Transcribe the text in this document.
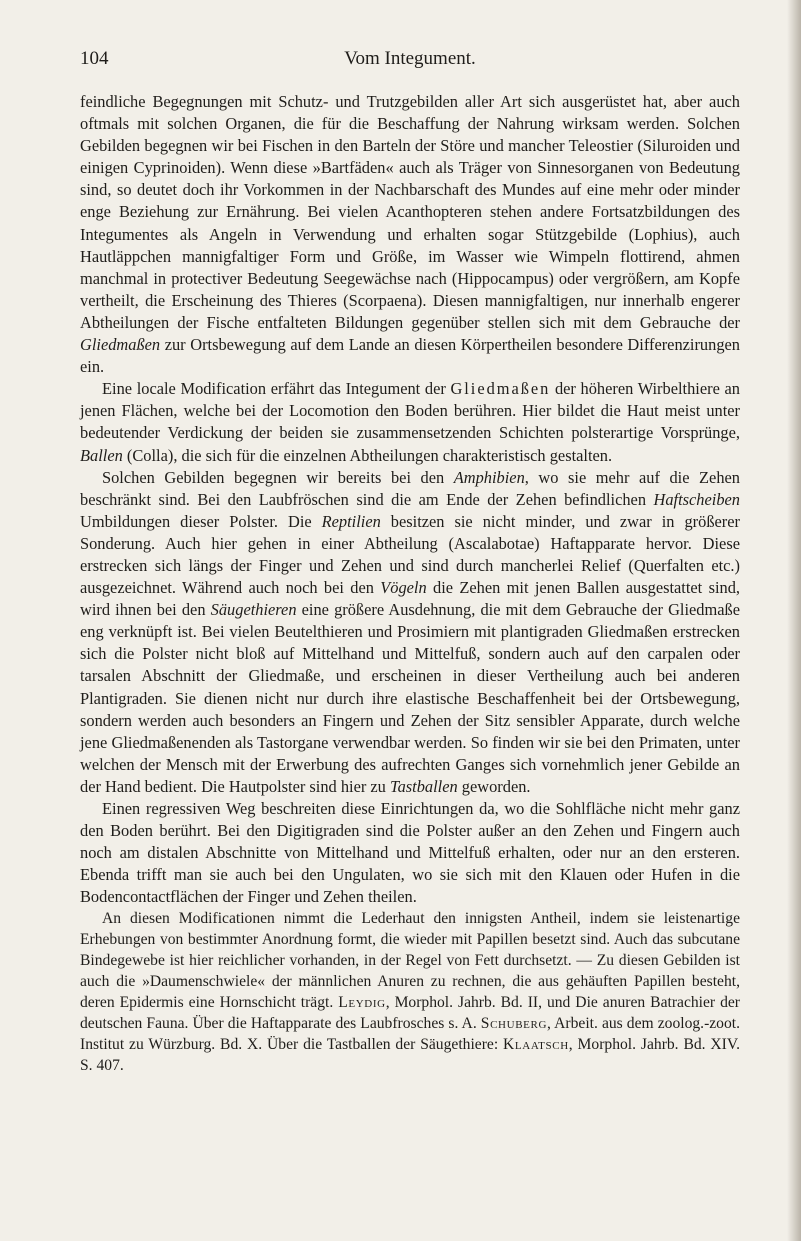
104	Vom Integument.

feindliche Begegnungen mit Schutz- und Trutzgebilden aller Art sich ausgerüstet hat, aber auch oftmals mit solchen Organen, die für die Beschaffung der Nahrung wirksam werden. Solchen Gebilden begegnen wir bei Fischen in den Barteln der Störe und mancher Teleostier (Siluroiden und einigen Cyprinoiden). Wenn diese »Bartfäden« auch als Träger von Sinnesorganen von Bedeutung sind, so deutet doch ihr Vorkommen in der Nachbarschaft des Mundes auf eine mehr oder minder enge Beziehung zur Ernährung. Bei vielen Acanthopteren stehen andere Fortsatzbildungen des Integumentes als Angeln in Verwendung und erhalten sogar Stützgebilde (Lophius), auch Hautläppchen mannigfaltiger Form und Größe, im Wasser wie Wimpeln flottirend, ahmen manchmal in protectiver Bedeutung Seegewächse nach (Hippocampus) oder vergrößern, am Kopfe vertheilt, die Erscheinung des Thieres (Scorpaena). Diesen mannigfaltigen, nur innerhalb engerer Abtheilungen der Fische entfalteten Bildungen gegenüber stellen sich mit dem Gebrauche der Gliedmaßen zur Ortsbewegung auf dem Lande an diesen Körpertheilen besondere Differenzirungen ein.

Eine locale Modification erfährt das Integument der Gliedmaßen der höheren Wirbelthiere an jenen Flächen, welche bei der Locomotion den Boden berühren. Hier bildet die Haut meist unter bedeutender Verdickung der beiden sie zusammensetzenden Schichten polsterartige Vorsprünge, Ballen (Colla), die sich für die einzelnen Abtheilungen charakteristisch gestalten.

Solchen Gebilden begegnen wir bereits bei den Amphibien, wo sie mehr auf die Zehen beschränkt sind. Bei den Laubfröschen sind die am Ende der Zehen befindlichen Haftscheiben Umbildungen dieser Polster. Die Reptilien besitzen sie nicht minder, und zwar in größerer Sonderung. Auch hier gehen in einer Abtheilung (Ascalabotae) Haftapparate hervor. Diese erstrecken sich längs der Finger und Zehen und sind durch mancherlei Relief (Querfalten etc.) ausgezeichnet. Während auch noch bei den Vögeln die Zehen mit jenen Ballen ausgestattet sind, wird ihnen bei den Säugethieren eine größere Ausdehnung, die mit dem Gebrauche der Gliedmaße eng verknüpft ist. Bei vielen Beutelthieren und Prosimiern mit plantigraden Gliedmaßen erstrecken sich die Polster nicht bloß auf Mittelhand und Mittelfuß, sondern auch auf den carpalen oder tarsalen Abschnitt der Gliedmaße, und erscheinen in dieser Vertheilung auch bei anderen Plantigraden. Sie dienen nicht nur durch ihre elastische Beschaffenheit bei der Ortsbewegung, sondern werden auch besonders an Fingern und Zehen der Sitz sensibler Apparate, durch welche jene Gliedmaßenenden als Tastorgane verwendbar werden. So finden wir sie bei den Primaten, unter welchen der Mensch mit der Erwerbung des aufrechten Ganges sich vornehmlich jener Gebilde an der Hand bedient. Die Hautpolster sind hier zu Tastballen geworden.

Einen regressiven Weg beschreiten diese Einrichtungen da, wo die Sohlfläche nicht mehr ganz den Boden berührt. Bei den Digitigraden sind die Polster außer an den Zehen und Fingern auch noch am distalen Abschnitte von Mittelhand und Mittelfuß erhalten, oder nur an den ersteren. Ebenda trifft man sie auch bei den Ungulaten, wo sie sich mit den Klauen oder Hufen in die Bodencontactflächen der Finger und Zehen theilen.

An diesen Modificationen nimmt die Lederhaut den innigsten Antheil, indem sie leistenartige Erhebungen von bestimmter Anordnung formt, die wieder mit Papillen besetzt sind. Auch das subcutane Bindegewebe ist hier reichlicher vorhanden, in der Regel von Fett durchsetzt. — Zu diesen Gebilden ist auch die »Daumenschwiele« der männlichen Anuren zu rechnen, die aus gehäuften Papillen besteht, deren Epidermis eine Hornschicht trägt. Leydig, Morphol. Jahrb. Bd. II, und Die anuren Batrachier der deutschen Fauna. Über die Haftapparate des Laubfrosches s. A. Schuberg, Arbeit. aus dem zoolog.-zoot. Institut zu Würzburg. Bd. X. Über die Tastballen der Säugethiere: Klaatsch, Morphol. Jahrb. Bd. XIV. S. 407.
